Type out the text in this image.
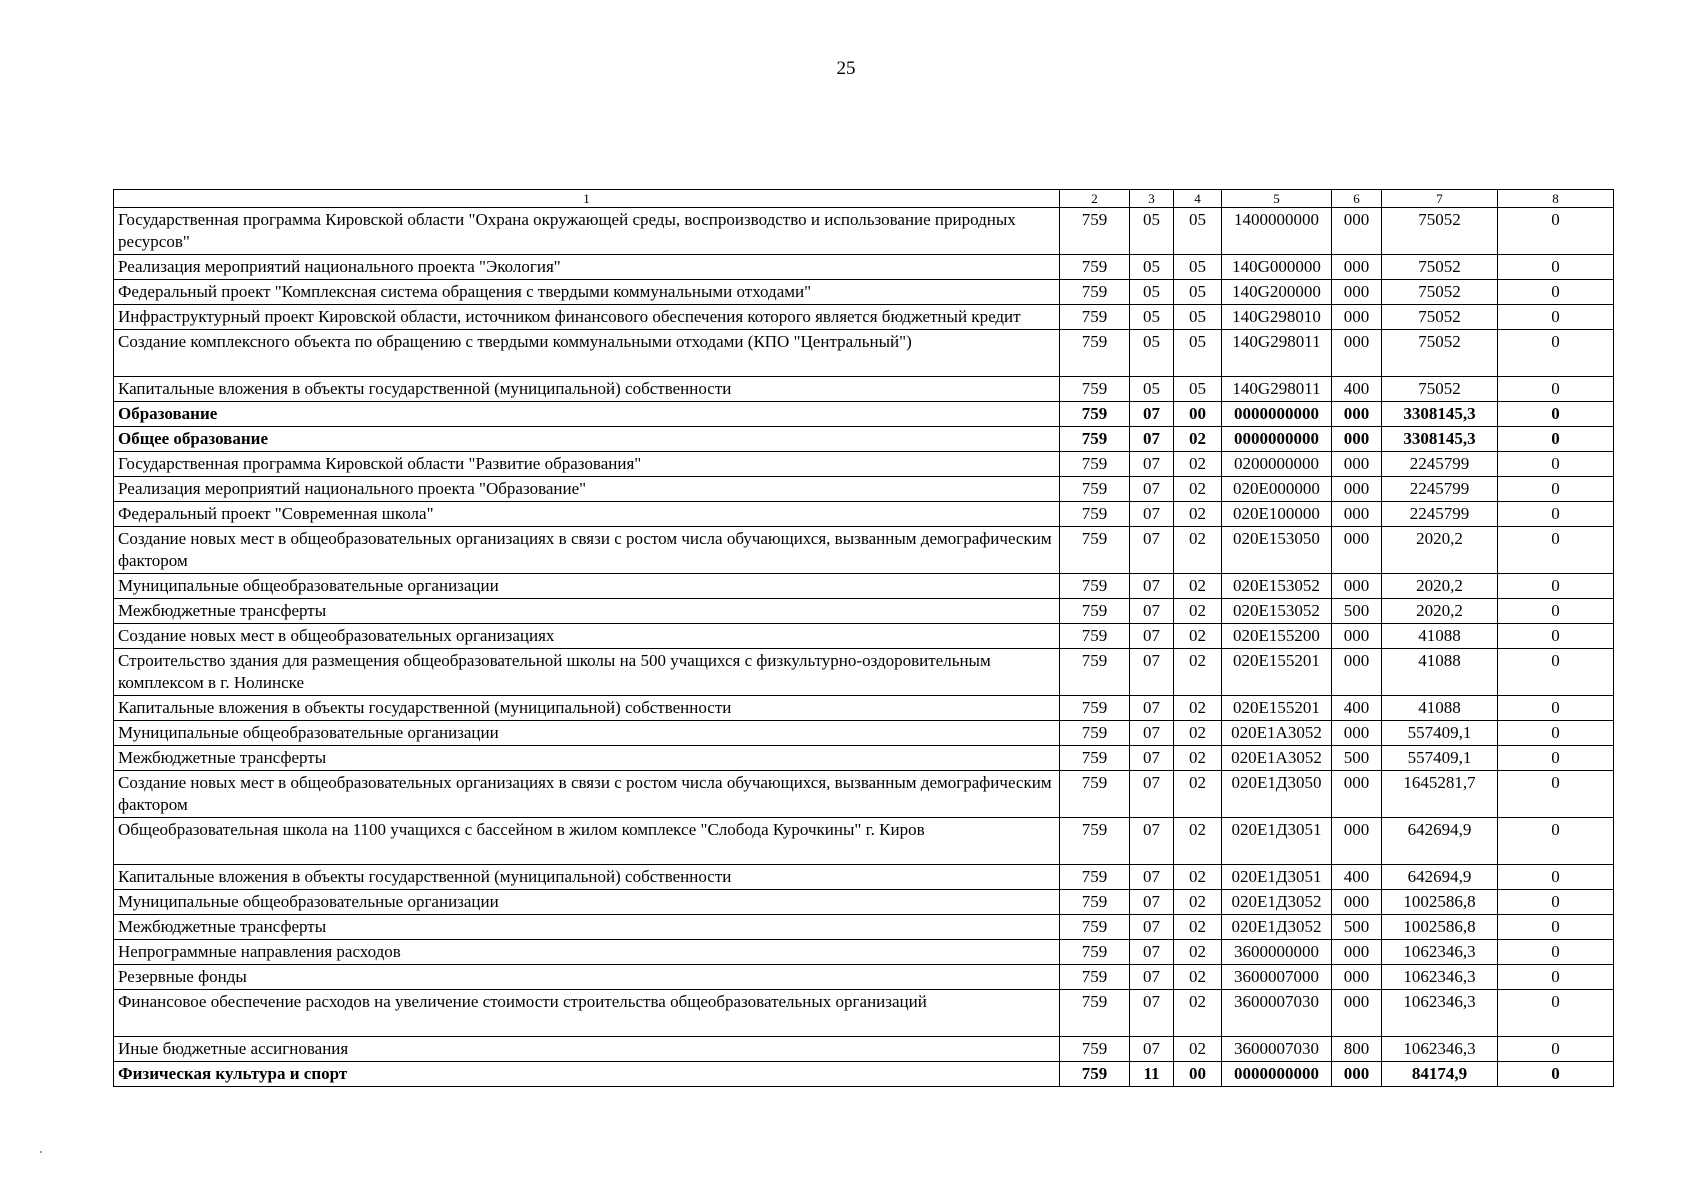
25
1	2	3	4	5	6	7	8
Государственная программа Кировской области "Охрана окружающей среды, воспроизводство и использование природных ресурсов"	759	05	05	1400000000	000	75052	0
Реализация мероприятий национального проекта "Экология"	759	05	05	140G000000	000	75052	0
Федеральный проект "Комплексная система обращения с твердыми коммунальными отходами"	759	05	05	140G200000	000	75052	0
Инфраструктурный проект Кировской области, источником финансового обеспечения которого является бюджетный кредит	759	05	05	140G298010	000	75052	0
Создание комплексного объекта по обращению с твердыми коммунальными отходами (КПО "Центральный")	759	05	05	140G298011	000	75052	0
Капитальные вложения в объекты государственной (муниципальной) собственности	759	05	05	140G298011	400	75052	0
Образование	759	07	00	0000000000	000	3308145,3	0
Общее образование	759	07	02	0000000000	000	3308145,3	0
Государственная программа Кировской области "Развитие образования"	759	07	02	0200000000	000	2245799	0
Реализация мероприятий национального проекта "Образование"	759	07	02	020E000000	000	2245799	0
Федеральный проект "Современная школа"	759	07	02	020E100000	000	2245799	0
Создание новых мест в общеобразовательных организациях в связи с ростом числа обучающихся, вызванным демографическим фактором	759	07	02	020E153050	000	2020,2	0
Муниципальные общеобразовательные организации	759	07	02	020E153052	000	2020,2	0
Межбюджетные трансферты	759	07	02	020E153052	500	2020,2	0
Создание новых мест в общеобразовательных организациях	759	07	02	020E155200	000	41088	0
Строительство здания для размещения общеобразовательной школы на 500 учащихся с физкультурно-оздоровительным комплексом в г. Нолинске	759	07	02	020E155201	000	41088	0
Капитальные вложения в объекты государственной (муниципальной) собственности	759	07	02	020E155201	400	41088	0
Муниципальные общеобразовательные организации	759	07	02	020E1A3052	000	557409,1	0
Межбюджетные трансферты	759	07	02	020E1A3052	500	557409,1	0
Создание новых мест в общеобразовательных организациях в связи с ростом числа обучающихся, вызванным демографическим фактором	759	07	02	020E1Д3050	000	1645281,7	0
Общеобразовательная школа на 1100 учащихся с бассейном в жилом комплексе "Слобода Курочкины" г. Киров	759	07	02	020E1Д3051	000	642694,9	0
Капитальные вложения в объекты государственной (муниципальной) собственности	759	07	02	020E1Д3051	400	642694,9	0
Муниципальные общеобразовательные организации	759	07	02	020E1Д3052	000	1002586,8	0
Межбюджетные трансферты	759	07	02	020E1Д3052	500	1002586,8	0
Непрограммные направления расходов	759	07	02	3600000000	000	1062346,3	0
Резервные фонды	759	07	02	3600007000	000	1062346,3	0
Финансовое обеспечение расходов на увеличение стоимости строительства общеобразовательных организаций	759	07	02	3600007030	000	1062346,3	0
Иные бюджетные ассигнования	759	07	02	3600007030	800	1062346,3	0
Физическая культура и спорт	759	11	00	0000000000	000	84174,9	0
